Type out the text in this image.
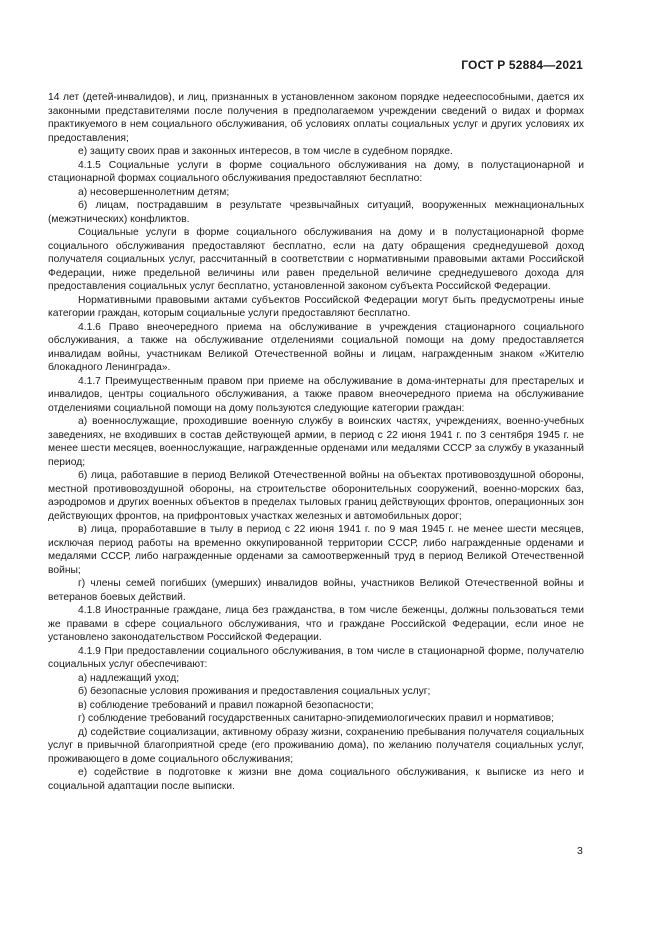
ГОСТ Р 52884—2021

14 лет (детей-инвалидов), и лиц, признанных в установленном законом порядке недееспособными, дается их законными представителями после получения в предполагаемом учреждении сведений о видах и формах практикуемого в нем социального обслуживания, об условиях оплаты социальных услуг и других условиях их предоставления;

е) защиту своих прав и законных интересов, в том числе в судебном порядке.

4.1.5 Социальные услуги в форме социального обслуживания на дому, в полустационарной и стационарной формах социального обслуживания предоставляют бесплатно:

а) несовершеннолетним детям;

б) лицам, пострадавшим в результате чрезвычайных ситуаций, вооруженных межнациональных (межэтнических) конфликтов.

Социальные услуги в форме социального обслуживания на дому и в полустационарной форме социального обслуживания предоставляют бесплатно, если на дату обращения среднедушевой доход получателя социальных услуг, рассчитанный в соответствии с нормативными правовыми актами Российской Федерации, ниже предельной величины или равен предельной величине среднедушевого дохода для предоставления социальных услуг бесплатно, установленной законом субъекта Российской Федерации.

Нормативными правовыми актами субъектов Российской Федерации могут быть предусмотрены иные категории граждан, которым социальные услуги предоставляют бесплатно.

4.1.6 Право внеочередного приема на обслуживание в учреждения стационарного социального обслуживания, а также на обслуживание отделениями социальной помощи на дому предоставляется инвалидам войны, участникам Великой Отечественной войны и лицам, награжденным знаком «Жителю блокадного Ленинграда».

4.1.7 Преимущественным правом при приеме на обслуживание в дома-интернаты для престарелых и инвалидов, центры социального обслуживания, а также правом внеочередного приема на обслуживание отделениями социальной помощи на дому пользуются следующие категории граждан:

а) военнослужащие, проходившие военную службу в воинских частях, учреждениях, военно-учебных заведениях, не входивших в состав действующей армии, в период с 22 июня 1941 г. по 3 сентября 1945 г. не менее шести месяцев, военнослужащие, награжденные орденами или медалями СССР за службу в указанный период;

б) лица, работавшие в период Великой Отечественной войны на объектах противовоздушной обороны, местной противовоздушной обороны, на строительстве оборонительных сооружений, военно-морских баз, аэродромов и других военных объектов в пределах тыловых границ действующих фронтов, операционных зон действующих фронтов, на прифронтовых участках железных и автомобильных дорог;

в) лица, проработавшие в тылу в период с 22 июня 1941 г. по 9 мая 1945 г. не менее шести месяцев, исключая период работы на временно оккупированной территории СССР, либо награжденные орденами и медалями СССР, либо награжденные орденами за самоотверженный труд в период Великой Отечественной войны;

г) члены семей погибших (умерших) инвалидов войны, участников Великой Отечественной войны и ветеранов боевых действий.

4.1.8 Иностранные граждане, лица без гражданства, в том числе беженцы, должны пользоваться теми же правами в сфере социального обслуживания, что и граждане Российской Федерации, если иное не установлено законодательством Российской Федерации.

4.1.9 При предоставлении социального обслуживания, в том числе в стационарной форме, получателю социальных услуг обеспечивают:

а) надлежащий уход;

б) безопасные условия проживания и предоставления социальных услуг;

в) соблюдение требований и правил пожарной безопасности;

г) соблюдение требований государственных санитарно-эпидемиологических правил и нормативов;

д) содействие социализации, активному образу жизни, сохранению пребывания получателя социальных услуг в привычной благоприятной среде (его проживанию дома), по желанию получателя социальных услуг, проживающего в доме социального обслуживания;

е) содействие в подготовке к жизни вне дома социального обслуживания, к выписке из него и социальной адаптации после выписки.

3
